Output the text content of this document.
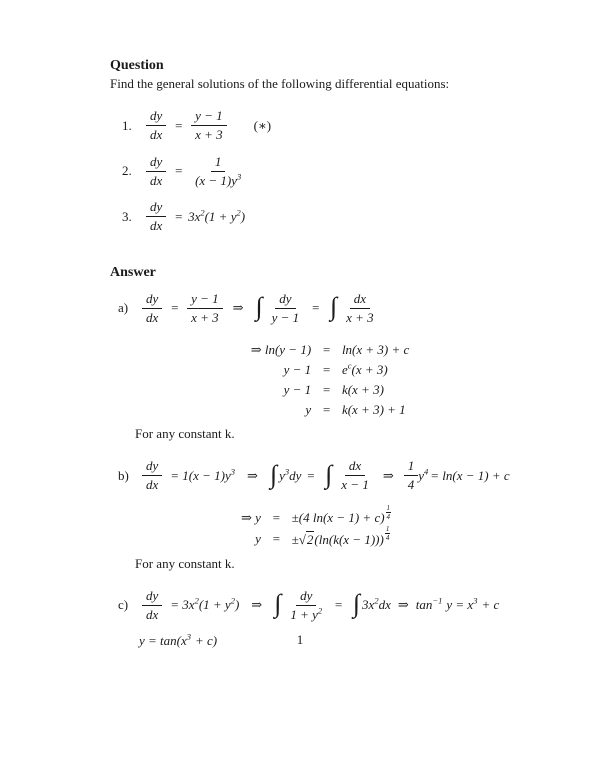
Question
Find the general solutions of the following differential equations:
1.	$\frac{dy}{dx} = \frac{y - 1}{x + 3}$ (∗)
2.	$\frac{dy}{dx} = \frac{1}{(x - 1)y^3}$
3.	$\frac{dy}{dx} = 3x^2(1 + y^2)$
Answer
a)	$\frac{dy}{dx} = \frac{y - 1}{x + 3}$ ⇒ ∫ $\frac{dy}{y - 1}$ = ∫ $\frac{dx}{x + 3}$
⇒ ln(y − 1)	=	ln(x + 3) + c
y − 1	=	$e^c(x + 3)$
y − 1	=	k(x + 3)
y	=	k(x + 3) + 1
For any constant k.
b)	$\frac{dy}{dx} = 1(x - 1)y^3$ ⇒ ∫ $y^3dy$ = ∫ $\frac{dx}{x - 1}$ ⇒ $\frac{1}{4} y^4 = \ln(x - 1) + c$
⇒ y	=	±(4 $\ln(x - 1) + c) \frac{1}{4}$

y	=	$\pm√2(\ln(k(x - 1))) \frac{1}{4}$
For any constant k.
c)	$\frac{dy}{dx} = 3x^2(1 + y^2)$ ⇒ ∫ $\frac{dy}{1 + y^2}$ = ∫ $3x^2dx$ ⇒ $\tan^{-1} y = x^3 + c$
$y = \tan(x^3 + c)$	1
